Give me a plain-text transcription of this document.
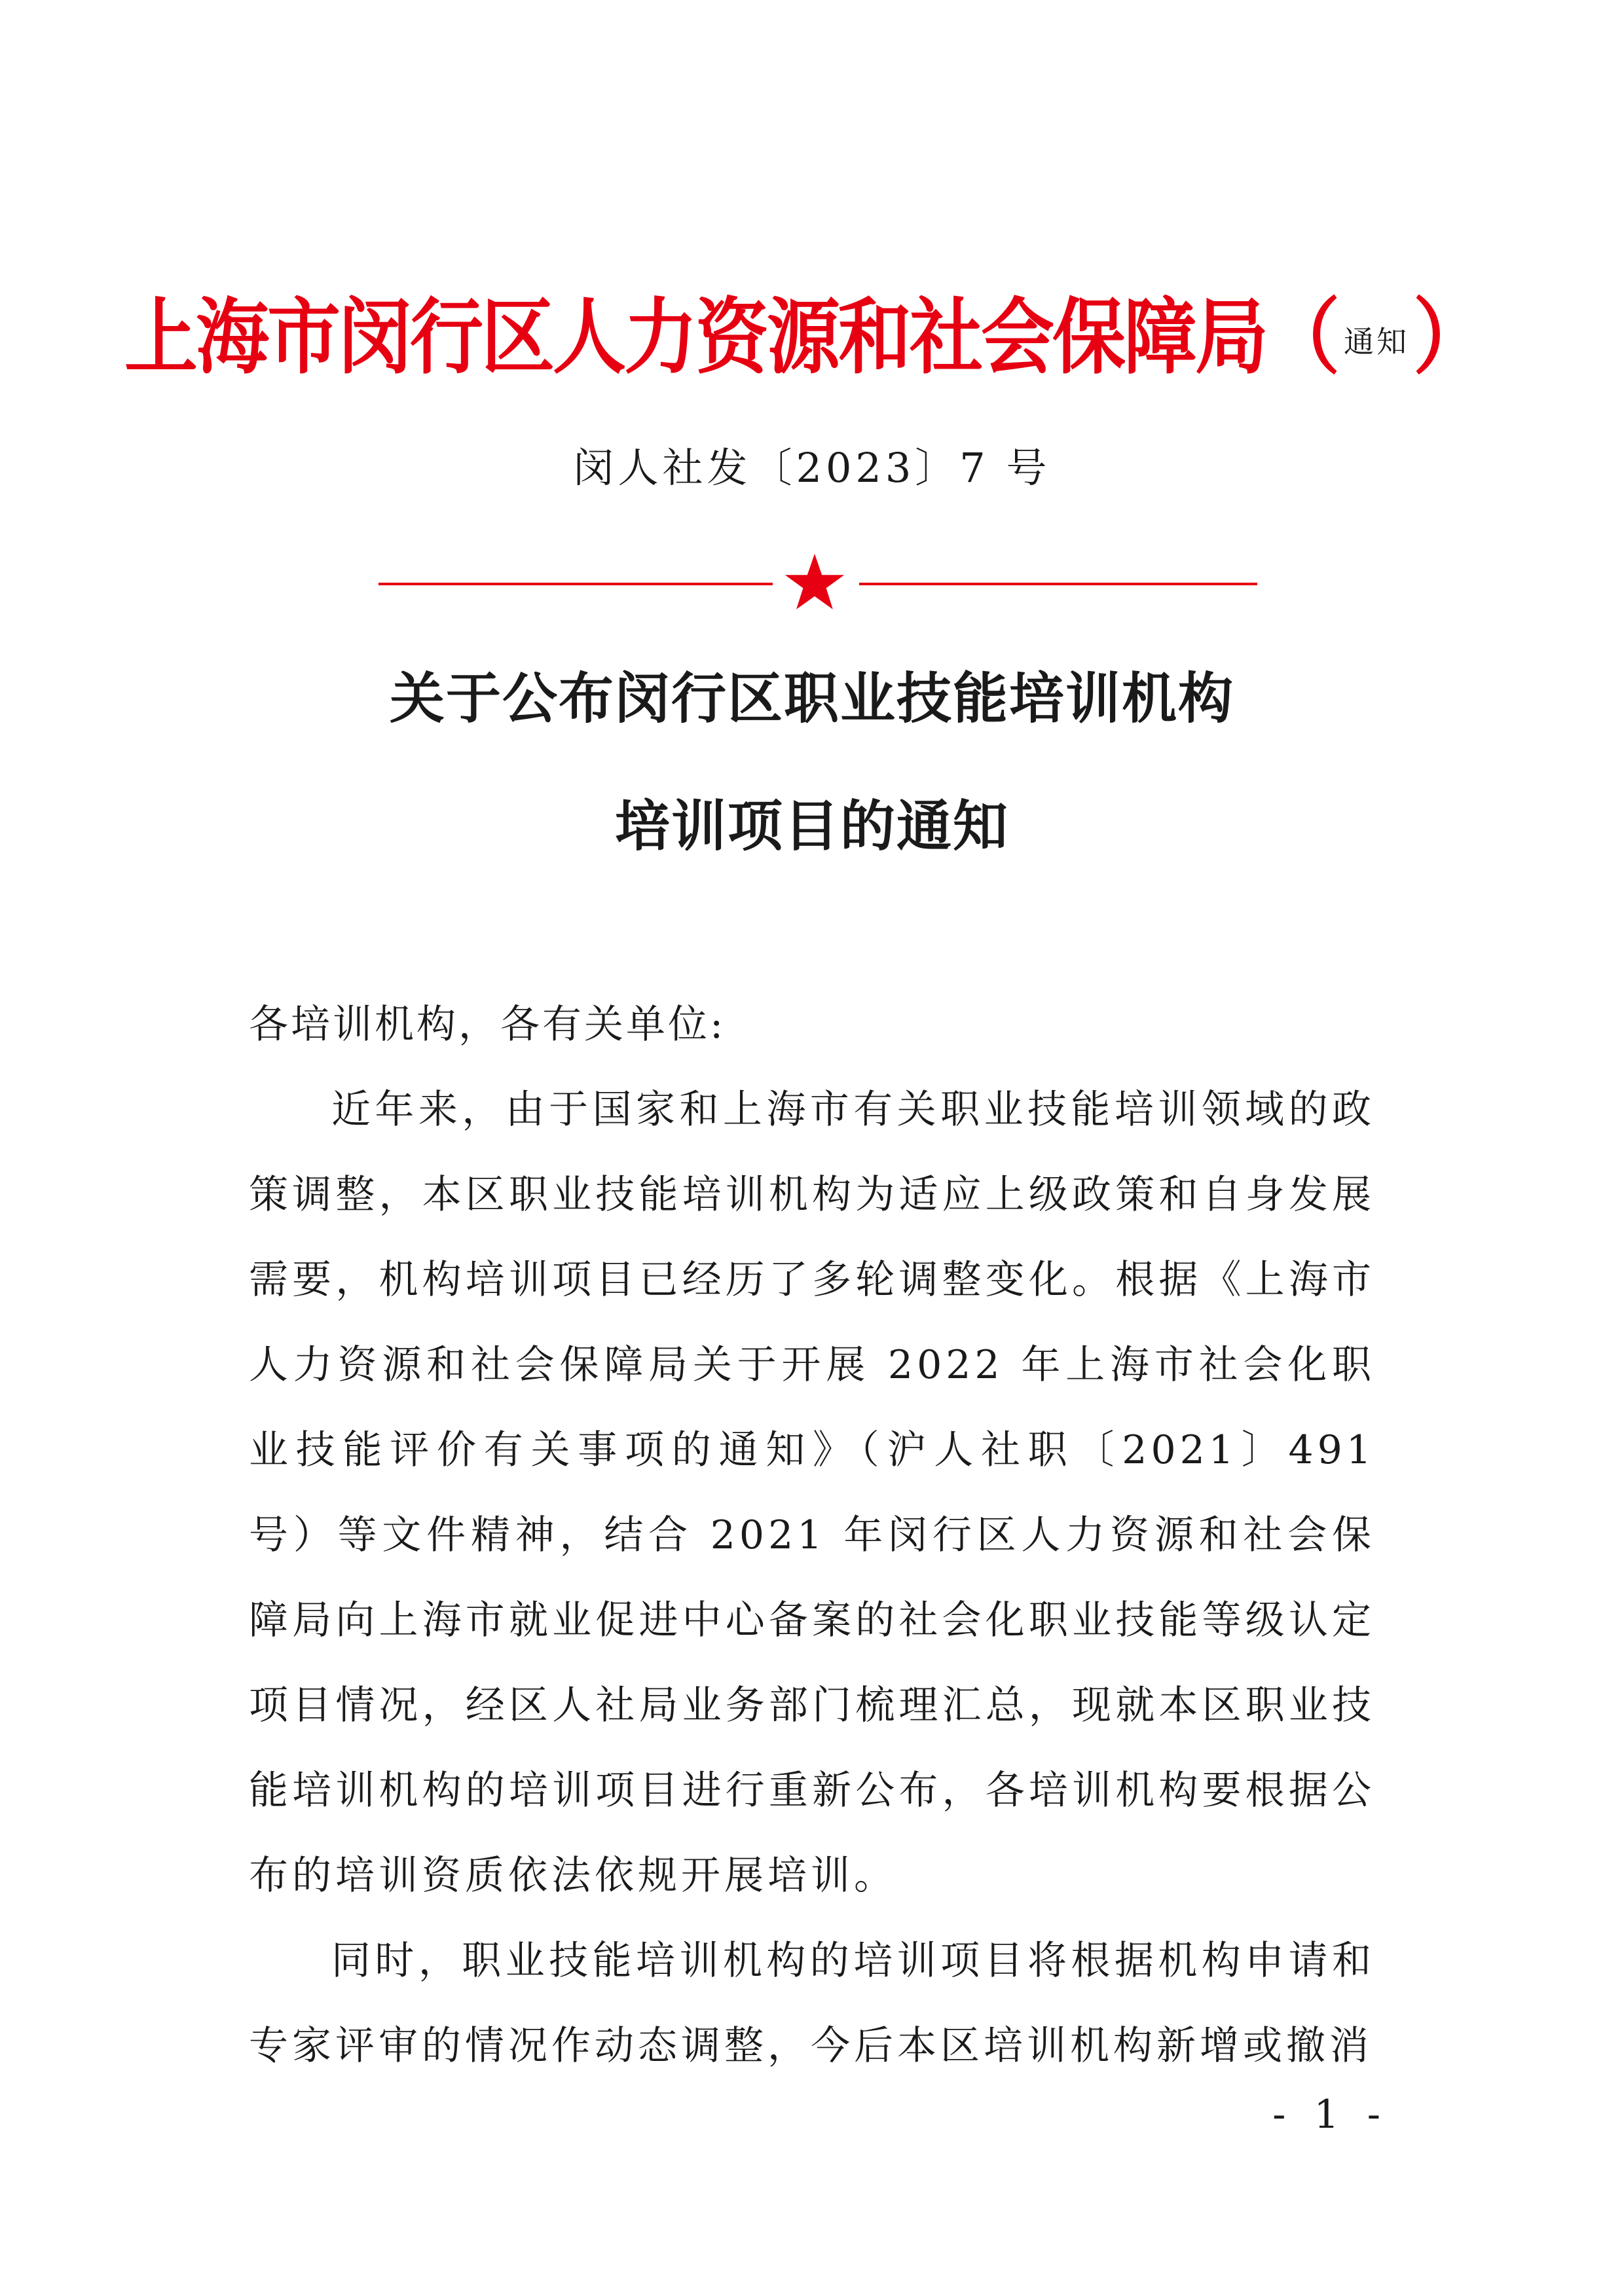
上海市闵行区人力资源和社会保障局 （ 通知 ）
闵人社发〔2023〕7 号
关于公布闵行区职业技能培训机构
培训项目的通知
各培训机构，各有关单位:
近年来，由于国家和上海市有关职业技能培训领域的政策调整，本区职业技能培训机构为适应上级政策和自身发展需要，机构培训项目已经历了多轮调整变化。根据《上海市人力资源和社会保障局关于开展 2022 年上海市社会化职业技能评价有关事项的通知》（沪人社职〔2021〕491 号）等文件精神，结合 2021 年闵行区人力资源和社会保障局向上海市就业促进中心备案的社会化职业技能等级认定项目情况，经区人社局业务部门梳理汇总，现就本区职业技能培训机构的培训项目进行重新公布，各培训机构要根据公布的培训资质依法依规开展培训。
同时，职业技能培训机构的培训项目将根据机构申请和专家评审的情况作动态调整，今后本区培训机构新增或撤消
- 1 -
